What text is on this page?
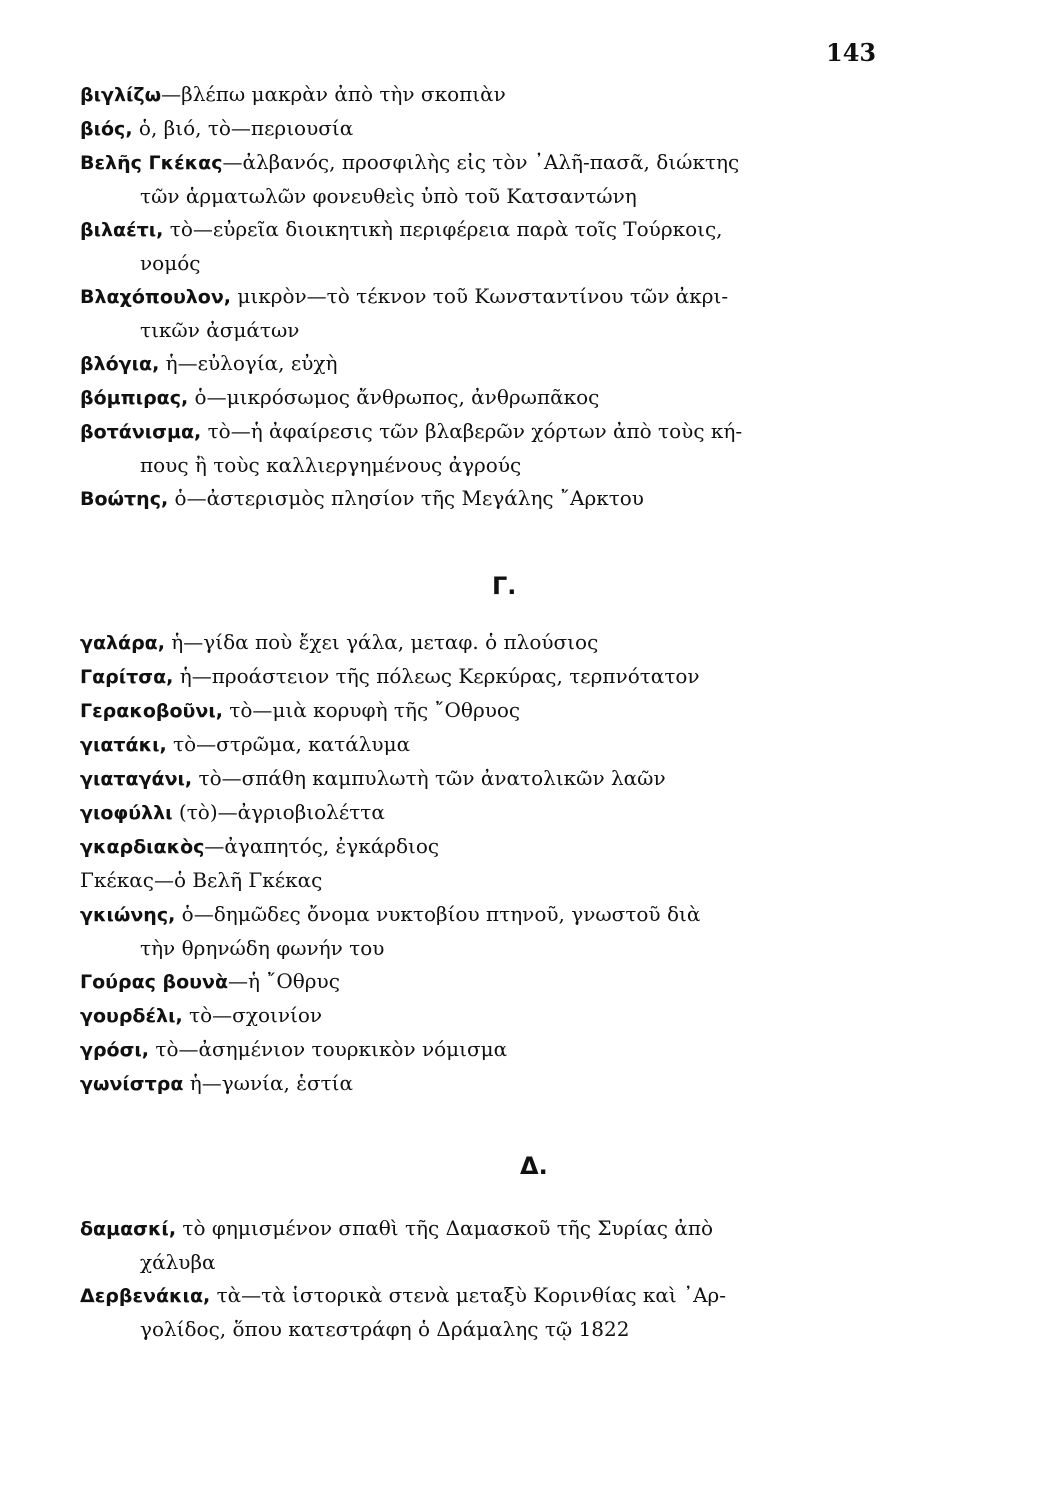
143

βιγλίζω—βλέπω μακρὰν ἀπὸ τὴν σκοπιὰν

βιός, ὁ, βιό, τὸ—περιουσία

Βελῆς Γκέκας—ἀλβανός, προσφιλὴς εἰς τὸν ᾿Αλῆ-πασᾶ, διώκτης
τῶν ἁρματωλῶν φονευθεὶς ὑπὸ τοῦ Κατσαντώνη

βιλαέτι, τὸ—εὐρεῖα διοικητικὴ περιφέρεια παρὰ τοῖς Τούρκοις,
νομός

Βλαχόπουλον, μικρὸν—τὸ τέκνον τοῦ Κωνσταντίνου τῶν ἀκρι-
τικῶν ἀσμάτων

βλόγια, ἡ—εὐλογία, εὐχὴ

βόμπιρας, ὁ—μικρόσωμος ἄνθρωπος, ἀνθρωπᾶκος

βοτάνισμα, τὸ—ἡ ἀφαίρεσις τῶν βλαβερῶν χόρτων ἀπὸ τοὺς κή-
πους ἢ τοὺς καλλιεργημένους ἀγρούς

Βοώτης, ὁ—ἀστερισμὸς πλησίον τῆς Μεγάλης ῎Αρκτου

Γ.

γαλάρα, ἡ—γίδα ποὺ ἔχει γάλα, μεταφ. ὁ πλούσιος

Γαρίτσα, ἡ—προάστειον τῆς πόλεως Κερκύρας, τερπνότατον

Γερακοβοῦνι, τὸ—μιὰ κορυφὴ τῆς ῎Οθρυος

γιατάκι, τὸ—στρῶμα, κατάλυμα

γιαταγάνι, τὸ—σπάθη καμπυλωτὴ τῶν ἀνατολικῶν λαῶν

γιοφύλλι (τὸ)—ἀγριοβιολέττα

γκαρδιακὸς—ἀγαπητός, ἐγκάρδιος

Γκέκας—ὁ Βελῆ Γκέκας

γκιώνης, ὁ—δημῶδες ὄνομα νυκτοβίου πτηνοῦ, γνωστοῦ διὰ
τὴν θρηνώδη φωνήν του

Γούρας βουνὰ—ἡ ῎Οθρυς

γουρδέλι, τὸ—σχοινίον

γρόσι, τὸ—ἀσημένιον τουρκικὸν νόμισμα

γωνίστρα ἡ—γωνία, ἑστία

Δ.

δαμασκί, τὸ φημισμένον σπαθὶ τῆς Δαμασκοῦ τῆς Συρίας ἀπὸ
χάλυβα

Δερβενάκια, τὰ—τὰ ἱστορικὰ στενὰ μεταξὺ Κορινθίας καὶ ᾿Αρ-
γολίδος, ὅπου κατεστράφη ὁ Δράμαλης τῷ 1822
